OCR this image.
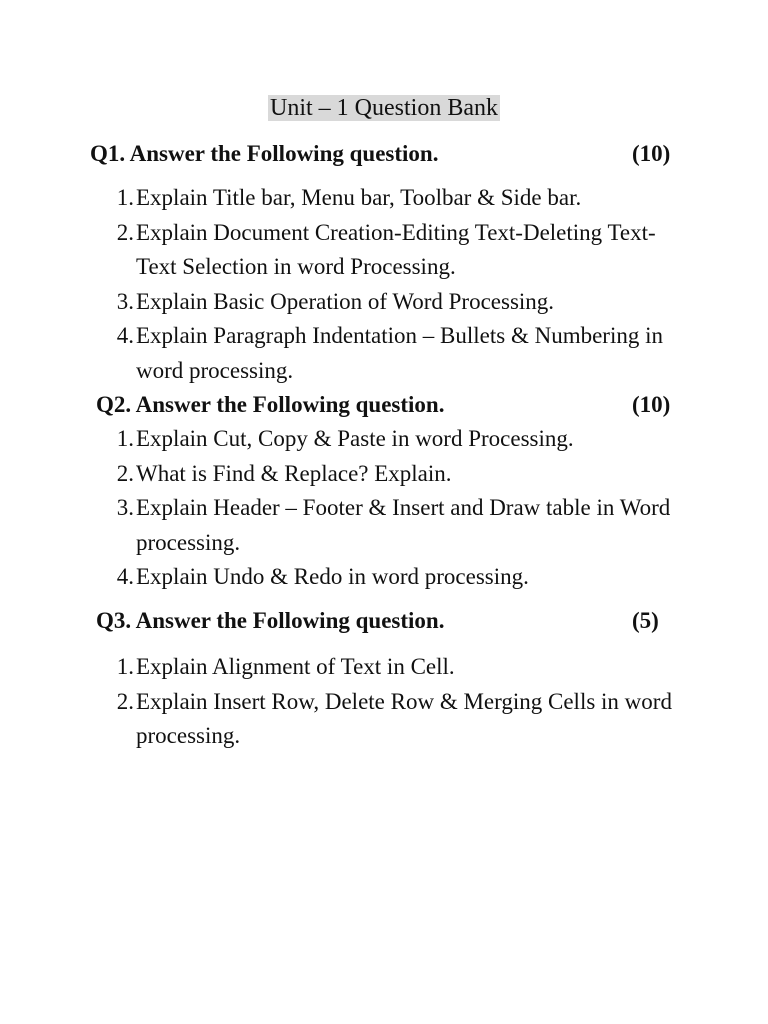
Unit – 1 Question Bank
Q1. Answer the Following question.	(10)
1. Explain Title bar, Menu bar, Toolbar & Side bar.
2. Explain Document Creation-Editing Text-Deleting Text-Text Selection in word Processing.
3. Explain Basic Operation of Word Processing.
4. Explain Paragraph Indentation – Bullets & Numbering in word processing.
Q2. Answer the Following question.	(10)
1. Explain Cut, Copy & Paste in word Processing.
2. What is Find & Replace? Explain.
3. Explain Header – Footer & Insert and Draw table in Word processing.
4. Explain Undo & Redo in word processing.
Q3. Answer the Following question.	(5)
1. Explain Alignment of Text in Cell.
2. Explain Insert Row, Delete Row & Merging Cells in word processing.
